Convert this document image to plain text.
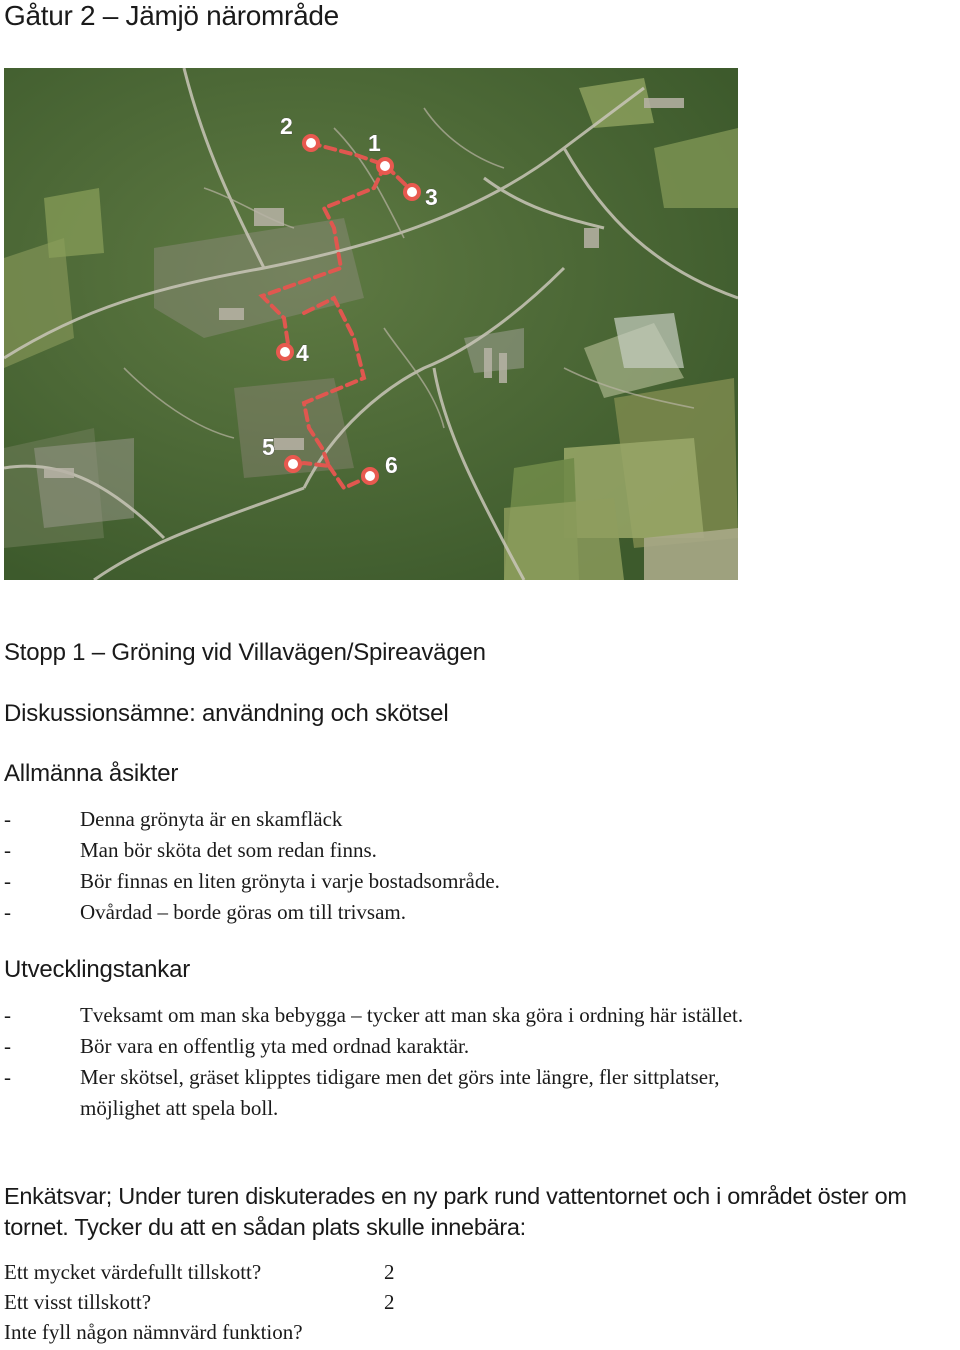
Gåtur 2 – Jämjö närområde
2
1
3
4
5
6
Stopp 1 – Gröning vid Villavägen/Spireavägen
Diskussionsämne: användning och skötsel
Allmänna åsikter
-	Denna grönyta är en skamfläck
-	Man bör sköta det som redan finns.
-	Bör finnas en liten grönyta i varje bostadsområde.
-	Ovårdad – borde göras om till trivsam.
Utvecklingstankar
-	Tveksamt om man ska bebygga – tycker att man ska göra i ordning här istället.
-	Bör vara en offentlig yta med ordnad karaktär.
-	Mer skötsel, gräset klipptes tidigare men det görs inte längre, fler sittplatser,
möjlighet att spela boll.
Enkätsvar; Under turen diskuterades en ny park rund vattentornet och i området öster om
tornet. Tycker du att en sådan plats skulle innebära:
Ett mycket värdefullt tillskott?	2
Ett visst tillskott?	2
Inte fyll någon nämnvärd funktion?
